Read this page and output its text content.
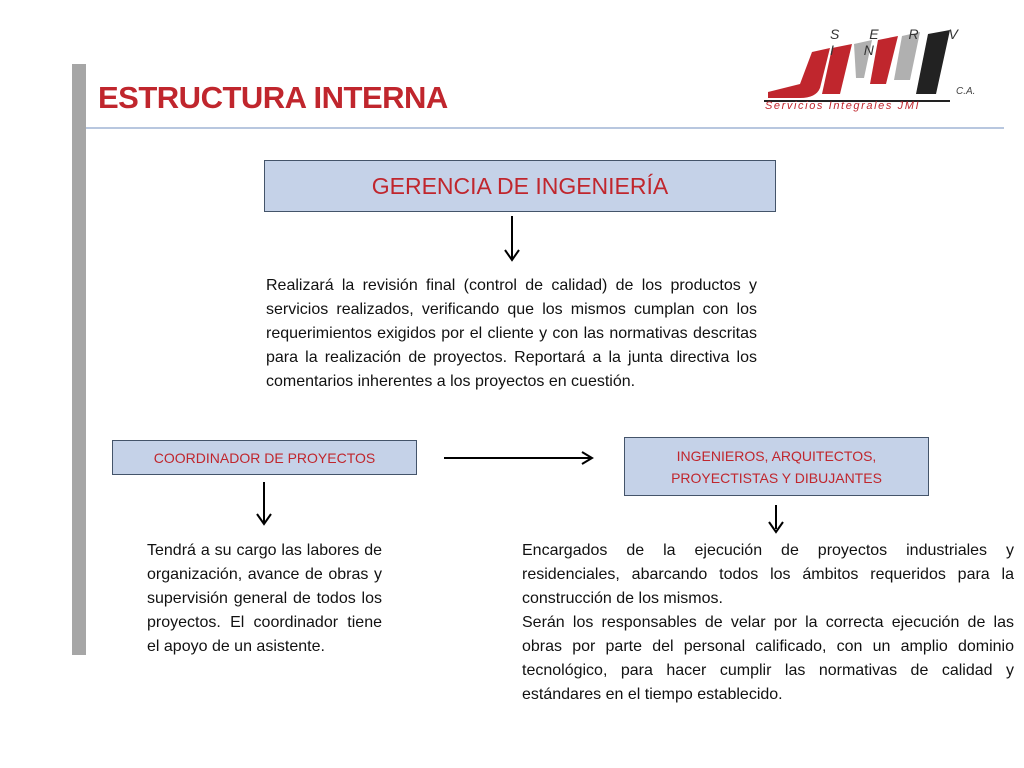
ESTRUCTURA INTERNA
S E R V I N
C.A.
Servicios Integrales JMI
GERENCIA DE INGENIERÍA
Realizará la revisión final (control de calidad) de los productos y servicios realizados, verificando que los mismos cumplan con los requerimientos exigidos por el cliente y con las normativas descritas para la realización de proyectos. Reportará a la junta directiva los comentarios inherentes a los proyectos en cuestión.
COORDINADOR DE PROYECTOS	INGENIEROS, ARQUITECTOS, PROYECTISTAS Y DIBUJANTES
Tendrá a su cargo las labores de organización, avance de obras y supervisión general de todos los proyectos. El coordinador tiene el apoyo de un asistente.

Encargados de la ejecución de proyectos industriales y residenciales, abarcando todos los ámbitos requeridos para la construcción de los mismos.

Serán los responsables de velar por la correcta ejecución de las obras por parte del personal calificado, con un amplio dominio tecnológico, para hacer cumplir las normativas de calidad y estándares en el tiempo establecido.
